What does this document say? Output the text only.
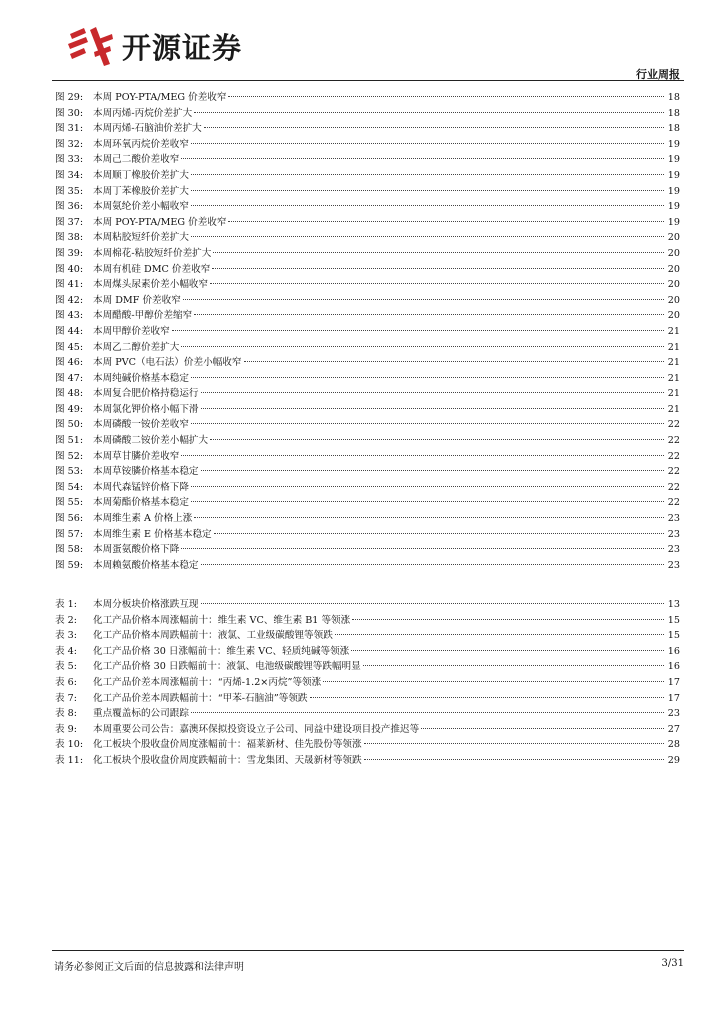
开源证券
行业周报
图 29:	本周 POY-PTA/MEG 价差收窄	18
图 30:	本周丙烯-丙烷价差扩大	18
图 31:	本周丙烯-石脑油价差扩大	18
图 32:	本周环氧丙烷价差收窄	19
图 33:	本周己二酸价差收窄	19
图 34:	本周顺丁橡胶价差扩大	19
图 35:	本周丁苯橡胶价差扩大	19
图 36:	本周氨纶价差小幅收窄	19
图 37:	本周 POY-PTA/MEG 价差收窄	19
图 38:	本周粘胶短纤价差扩大	20
图 39:	本周棉花-粘胶短纤价差扩大	20
图 40:	本周有机硅 DMC 价差收窄	20
图 41:	本周煤头尿素价差小幅收窄	20
图 42:	本周 DMF 价差收窄	20
图 43:	本周醋酸-甲醇价差缩窄	20
图 44:	本周甲醇价差收窄	21
图 45:	本周乙二醇价差扩大	21
图 46:	本周 PVC（电石法）价差小幅收窄	21
图 47:	本周纯碱价格基本稳定	21
图 48:	本周复合肥价格持稳运行	21
图 49:	本周氯化钾价格小幅下滑	21
图 50:	本周磷酸一铵价差收窄	22
图 51:	本周磷酸二铵价差小幅扩大	22
图 52:	本周草甘膦价差收窄	22
图 53:	本周草铵膦价格基本稳定	22
图 54:	本周代森锰锌价格下降	22
图 55:	本周菊酯价格基本稳定	22
图 56:	本周维生素 A 价格上涨	23
图 57:	本周维生素 E 价格基本稳定	23
图 58:	本周蛋氨酸价格下降	23
图 59:	本周赖氨酸价格基本稳定	23
表 1:	本周分板块价格涨跌互现	13
表 2:	化工产品价格本周涨幅前十：维生素 VC、维生素 B1 等领涨	15
表 3:	化工产品价格本周跌幅前十：液氯、工业级碳酸锂等领跌	15
表 4:	化工产品价格 30 日涨幅前十：维生素 VC、轻质纯碱等领涨	16
表 5:	化工产品价格 30 日跌幅前十：液氯、电池级碳酸锂等跌幅明显	16
表 6:	化工产品价差本周涨幅前十：“丙烯-1.2×丙烷”等领涨	17
表 7:	化工产品价差本周跌幅前十：“甲苯-石脑油”等领跌	17
表 8:	重点覆盖标的公司跟踪	23
表 9:	本周重要公司公告：嘉澳环保拟投资设立子公司、同益中建设项目投产推迟等	27
表 10:	化工板块个股收盘价周度涨幅前十：福莱新材、佳先股份等领涨	28
表 11:	化工板块个股收盘价周度跌幅前十：雪龙集团、天晟新材等领跌	29
请务必参阅正文后面的信息披露和法律声明	3/31
